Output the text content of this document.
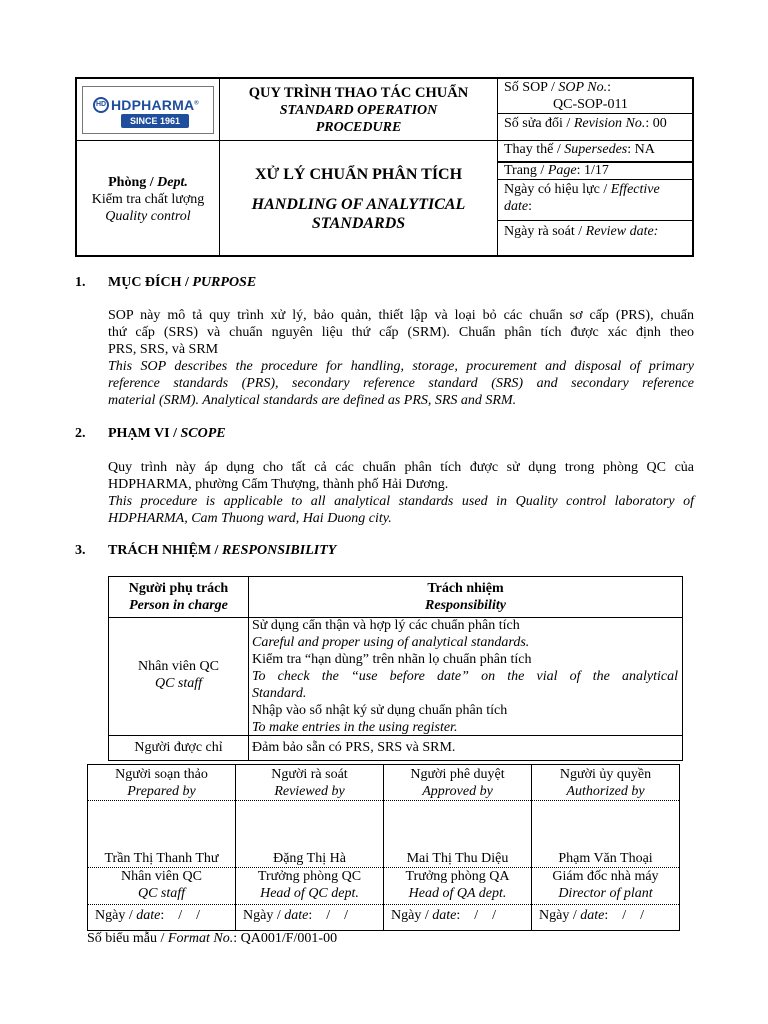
HD HDPHARMA®
SINCE 1961
QUY TRÌNH THAO TÁC CHUẨN
STANDARD OPERATION
PROCEDURE
Số SOP / SOP No.:
QC-SOP-011
Số sửa đổi / Revision No.: 00
Phòng / Dept.
Kiểm tra chất lượng
Quality control
XỬ LÝ CHUẨN PHÂN TÍCH
HANDLING OF ANALYTICAL
STANDARDS
Thay thế / Supersedes: NA
Trang / Page: 1/17
Ngày có hiệu lực / Effective
date:
Ngày rà soát / Review date:
1. MỤC ĐÍCH / PURPOSE
SOP này mô tả quy trình xử lý, bảo quản, thiết lập và loại bỏ các chuẩn sơ cấp (PRS), chuẩn
thứ cấp (SRS) và chuẩn nguyên liệu thứ cấp (SRM). Chuẩn phân tích được xác định theo
PRS, SRS, và SRM
This SOP describes the procedure for handling, storage, procurement and disposal of primary
reference standards (PRS), secondary reference standard (SRS) and secondary reference
material (SRM). Analytical standards are defined as PRS, SRS and SRM.
2. PHẠM VI / SCOPE
Quy trình này áp dụng cho tất cả các chuẩn phân tích được sử dụng trong phòng QC của
HDPHARMA, phường Cẩm Thượng, thành phố Hải Dương.
This procedure is applicable to all analytical standards used in Quality control laboratory of
HDPHARMA, Cam Thuong ward, Hai Duong city.
3. TRÁCH NHIỆM / RESPONSIBILITY
Người phụ trách
Person in charge
Trách nhiệm
Responsibility
Nhân viên QC
QC staff
Sử dụng cẩn thận và hợp lý các chuẩn phân tích
Careful and proper using of analytical standards.
Kiểm tra “hạn dùng” trên nhãn lọ chuẩn phân tích
To check the “use before date” on the vial of the analytical
Standard.
Nhập vào sổ nhật ký sử dụng chuẩn phân tích
To make entries in the using register.
Người được chỉ	Đảm bảo sẵn có PRS, SRS và SRM.
Người soạn thảo
Prepared by
Trần Thị Thanh Thư
Nhân viên QC
QC staff
Ngày / date:    /    /
Người rà soát
Reviewed by
Đặng Thị Hà
Trưởng phòng QC
Head of QC dept.
Ngày / date:    /    /
Người phê duyệt
Approved by
Mai Thị Thu Diệu
Trưởng phòng QA
Head of QA dept.
Ngày / date:    /    /
Người ủy quyền
Authorized by
Phạm Văn Thoại
Giám đốc nhà máy
Director of plant
Ngày / date:    /    /
Số biểu mẫu / Format No.: QA001/F/001-00
